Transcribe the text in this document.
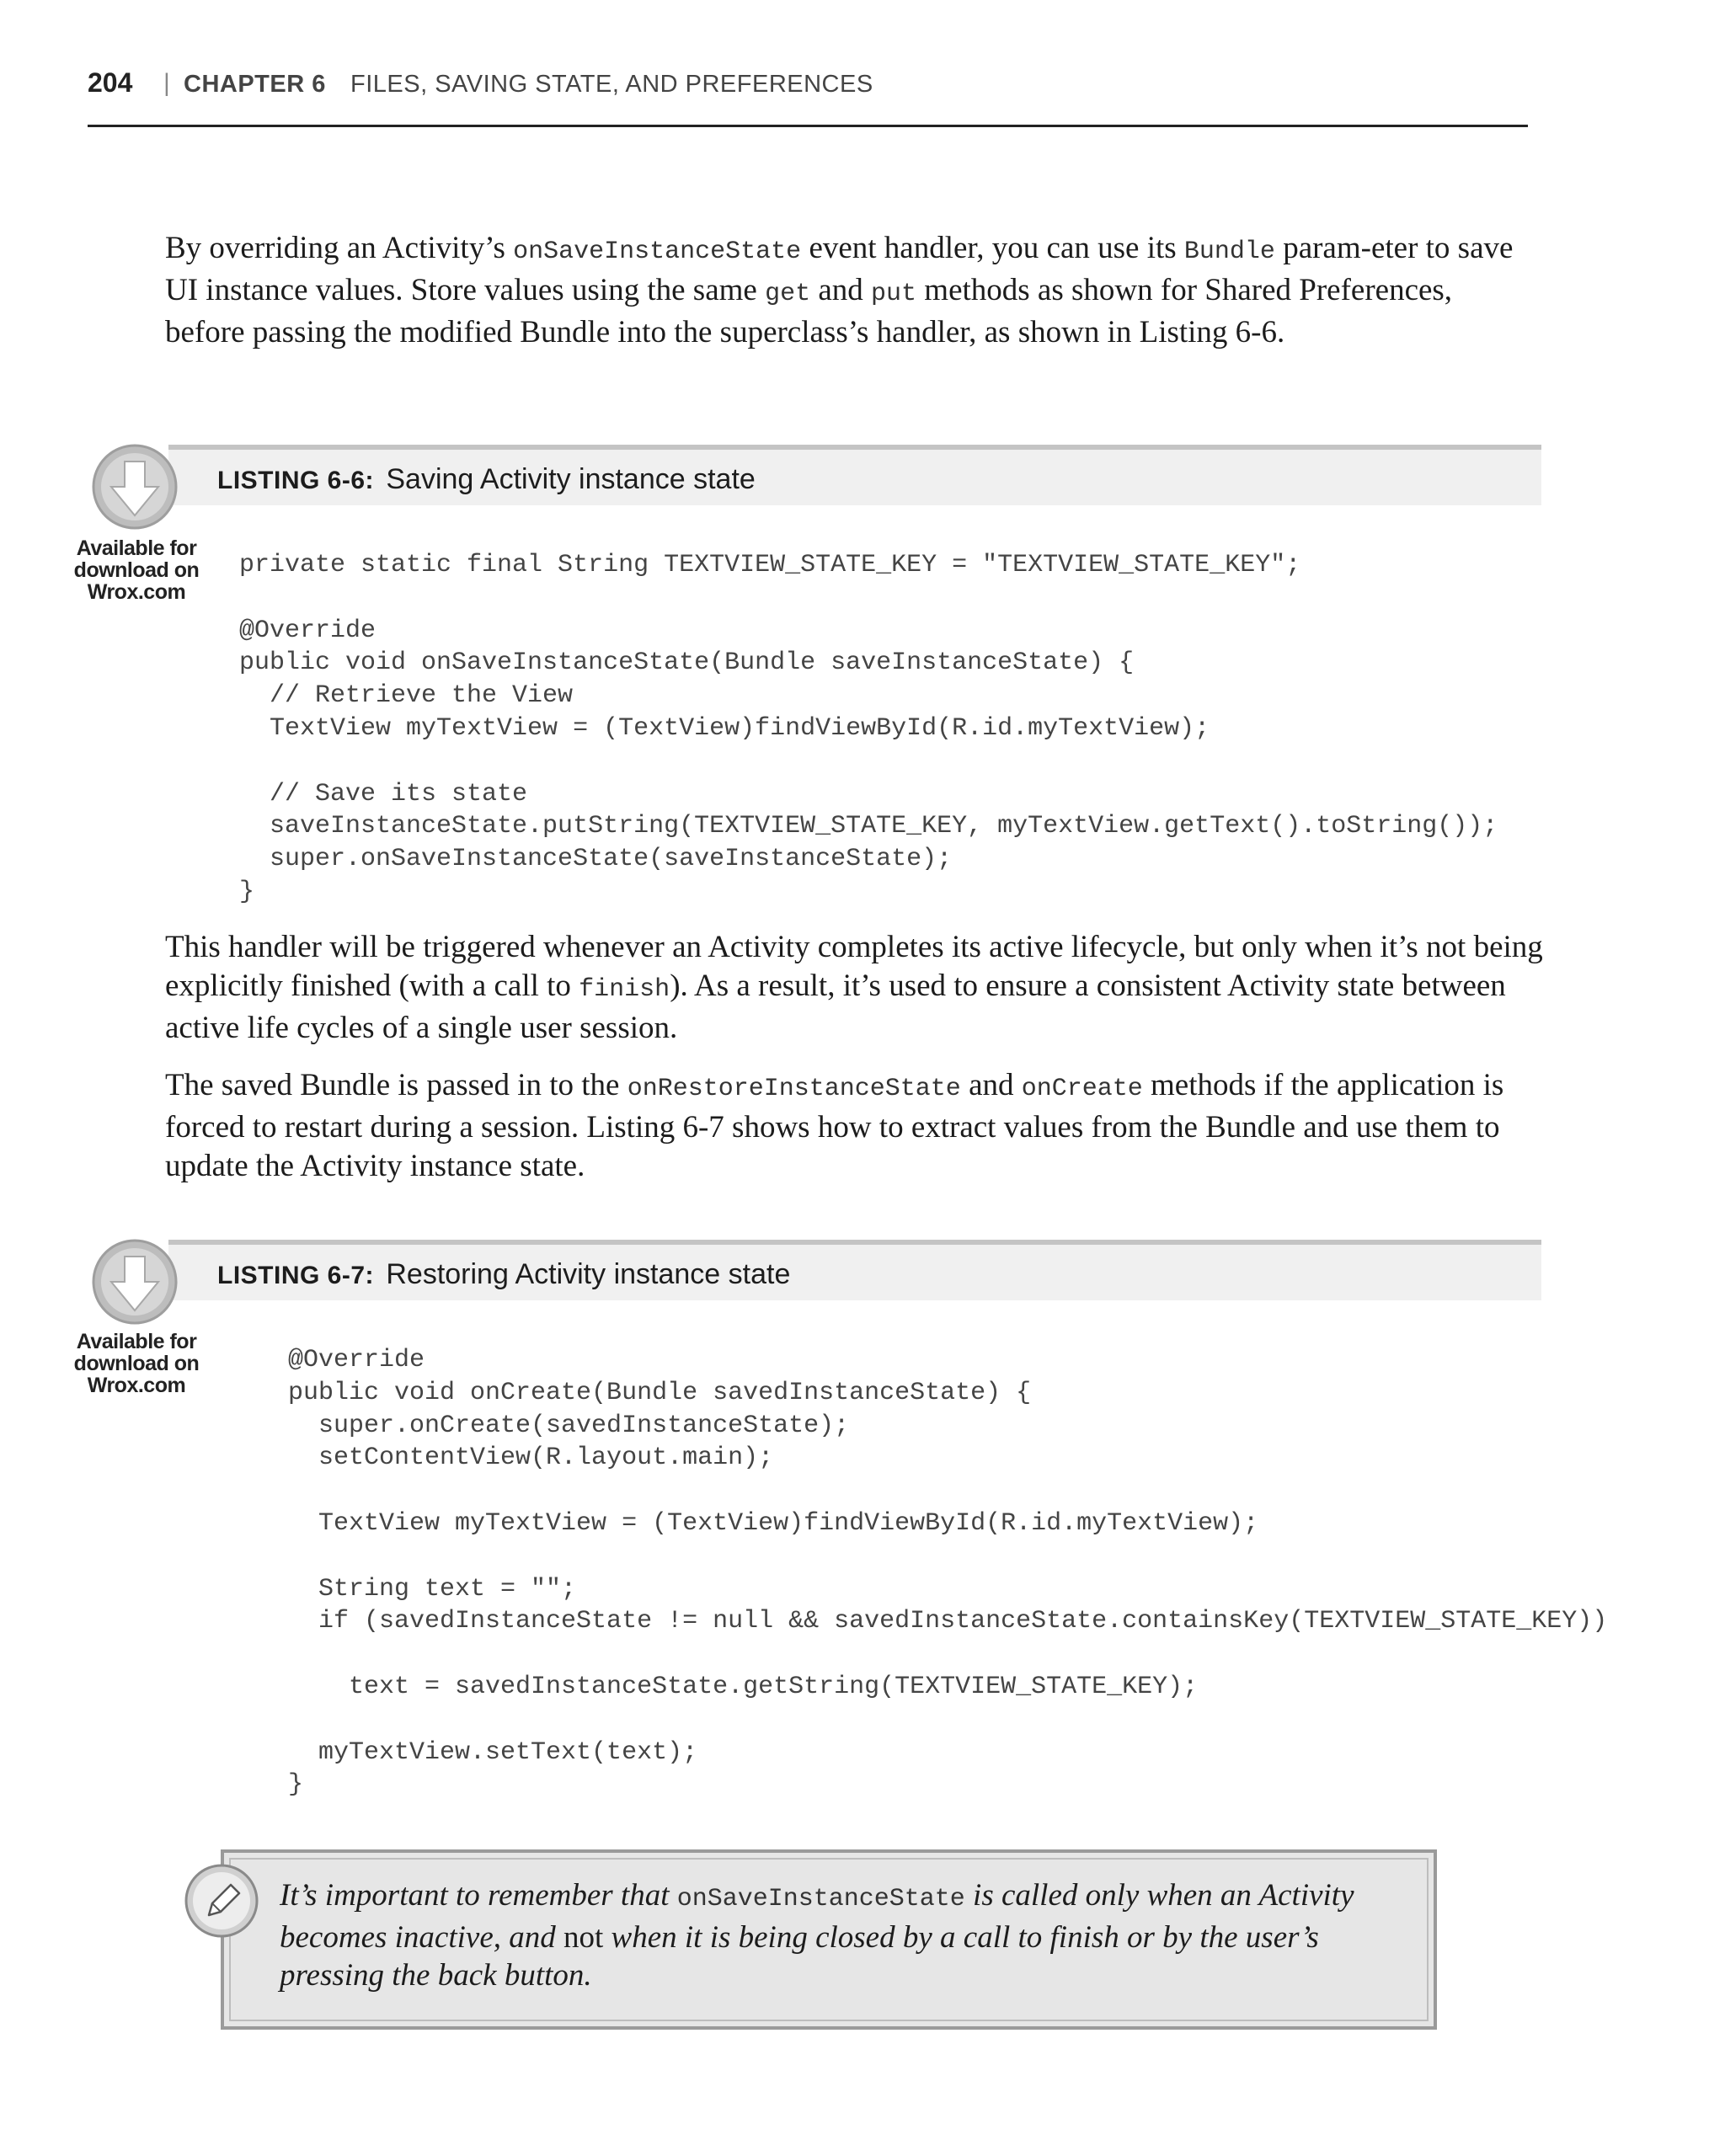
204 | CHAPTER 6 FILES, SAVING STATE, AND PREFERENCES

By overriding an Activity’s onSaveInstanceState event handler, you can use its Bundle param-eter to save UI instance values. Store values using the same get and put methods as shown for Shared Preferences, before passing the modified Bundle into the superclass’s handler, as shown in Listing 6-6.

LISTING 6-6: Saving Activity instance state
Available for
download on
Wrox.com
private static final String TEXTVIEW_STATE_KEY = "TEXTVIEW_STATE_KEY";

@Override
public void onSaveInstanceState(Bundle saveInstanceState) {
// Retrieve the View
TextView myTextView = (TextView)findViewById(R.id.myTextView);

// Save its state
saveInstanceState.putString(TEXTVIEW_STATE_KEY, myTextView.getText().toString());
super.onSaveInstanceState(saveInstanceState);
}

This handler will be triggered whenever an Activity completes its active lifecycle, but only when it’s not being explicitly finished (with a call to finish). As a result, it’s used to ensure a consistent Activity state between active life cycles of a single user session.

The saved Bundle is passed in to the onRestoreInstanceState and onCreate methods if the application is forced to restart during a session. Listing 6-7 shows how to extract values from the Bundle and use them to update the Activity instance state.

LISTING 6-7: Restoring Activity instance state
Available for
download on
Wrox.com
@Override
public void onCreate(Bundle savedInstanceState) {
super.onCreate(savedInstanceState);
setContentView(R.layout.main);

TextView myTextView = (TextView)findViewById(R.id.myTextView);

String text = "";
if (savedInstanceState != null && savedInstanceState.containsKey(TEXTVIEW_STATE_KEY))

text = savedInstanceState.getString(TEXTVIEW_STATE_KEY);

myTextView.setText(text);
}
It’s important to remember that onSaveInstanceState is called only when an Activity becomes inactive, and not when it is being closed by a call to finish or by the user’s pressing the back button.
